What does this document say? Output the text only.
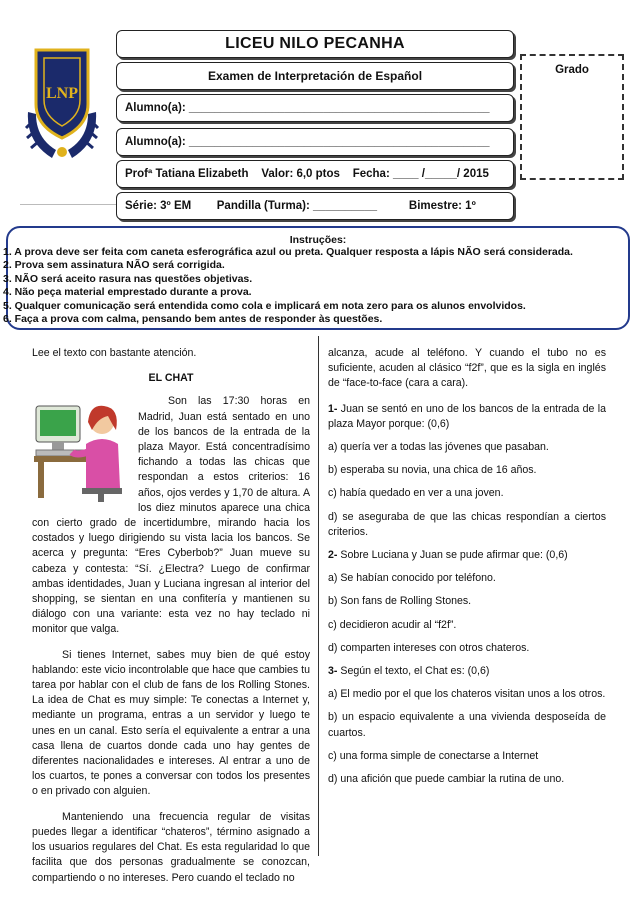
LNP
LICEU NILO PECANHA
Examen de Interpretación de Español	Grado
Alumno(a): _______________________________________________
Alumno(a): _______________________________________________
Profª Tatiana Elizabeth    Valor: 6,0 ptos    Fecha: ____ /_____/ 2015
Série: 3º EM        Pandilla (Turma): __________          Bimestre: 1º
Instruções:
1. A prova deve ser feita com caneta esferográfica azul ou preta. Qualquer resposta a lápis NÃO será considerada.
2. Prova sem assinatura NÃO será corrigida.
3. NÃO será aceito rasura nas questões objetivas.
4. Não peça material emprestado durante a prova.
5. Qualquer comunicação será entendida como cola e implicará em nota zero para os alunos envolvidos.
6. Faça a prova com calma, pensando bem antes de responder às questões.

Lee el texto con bastante atención.

EL CHAT

Son las 17:30 horas en Madrid, Juan está sentado en uno de los bancos de la entrada de la plaza Mayor. Está concentradísimo fichando a todas las chicas que respondan a estos criterios: 16 años, ojos verdes y 1,70 de altura. A los diez minutos aparece una chica con cierto grado de incertidumbre, mirando hacia los costados y luego dirigiendo su vista lacia los bancos. Se acerca y pregunta: “Eres Cyberbob?” Juan mueve su cabeza y contesta: “Sí. ¿Electra? Luego de confirmar ambas identidades, Juan y Luciana ingresan al interior del shopping, se sientan en una confitería y mantienen su diálogo con una variante: esta vez no hay teclado ni monitor que valga.

Si tienes Internet, sabes muy bien de qué estoy hablando: este vicio incontrolable que hace que cambies tu tarea por hablar con el club de fans de los Rolling Stones. La idea de Chat es muy simple: Te conectas a Internet y, mediante un programa, entras a un servidor y luego te unes en un canal. Esto sería el equivalente a entrar a una casa llena de cuartos donde cada uno hay gentes de diferentes nacionalidades e intereses. Al entrar a uno de los cuartos, te pones a conversar con todos los presentes o en privado con alguien.

Manteniendo una frecuencia regular de visitas puedes llegar a identificar “chateros”, término asignado a los usuarios regulares del Chat. Es esta regularidad lo que facilita que dos personas gradualmente se conozcan, compartiendo o no intereses. Pero cuando el teclado no

alcanza, acude al teléfono. Y cuando el tubo no es suficiente, acuden al clásico “f2f”, que es la sigla en inglés de “face-to-face (cara a cara).

1- Juan se sentó en uno de los bancos de la entrada de la plaza Mayor porque: (0,6)

a) quería ver a todas las jóvenes que pasaban.

b) esperaba su novia, una chica de 16 años.

c) había quedado en ver a una joven.

d) se aseguraba de que las chicas respondían a ciertos criterios.

2- Sobre Luciana y Juan se pude afirmar que: (0,6)

a) Se habían conocido por teléfono.

b) Son fans de Rolling Stones.

c) decidieron acudir al “f2f”.

d) comparten intereses con otros chateros.

3- Según el texto, el Chat es: (0,6)

a) El medio por el que los chateros visitan unos a los otros.

b) un espacio equivalente a una vivienda desposeída de cuartos.

c) una forma simple de conectarse a Internet

d) una afición que puede cambiar la rutina de uno.
